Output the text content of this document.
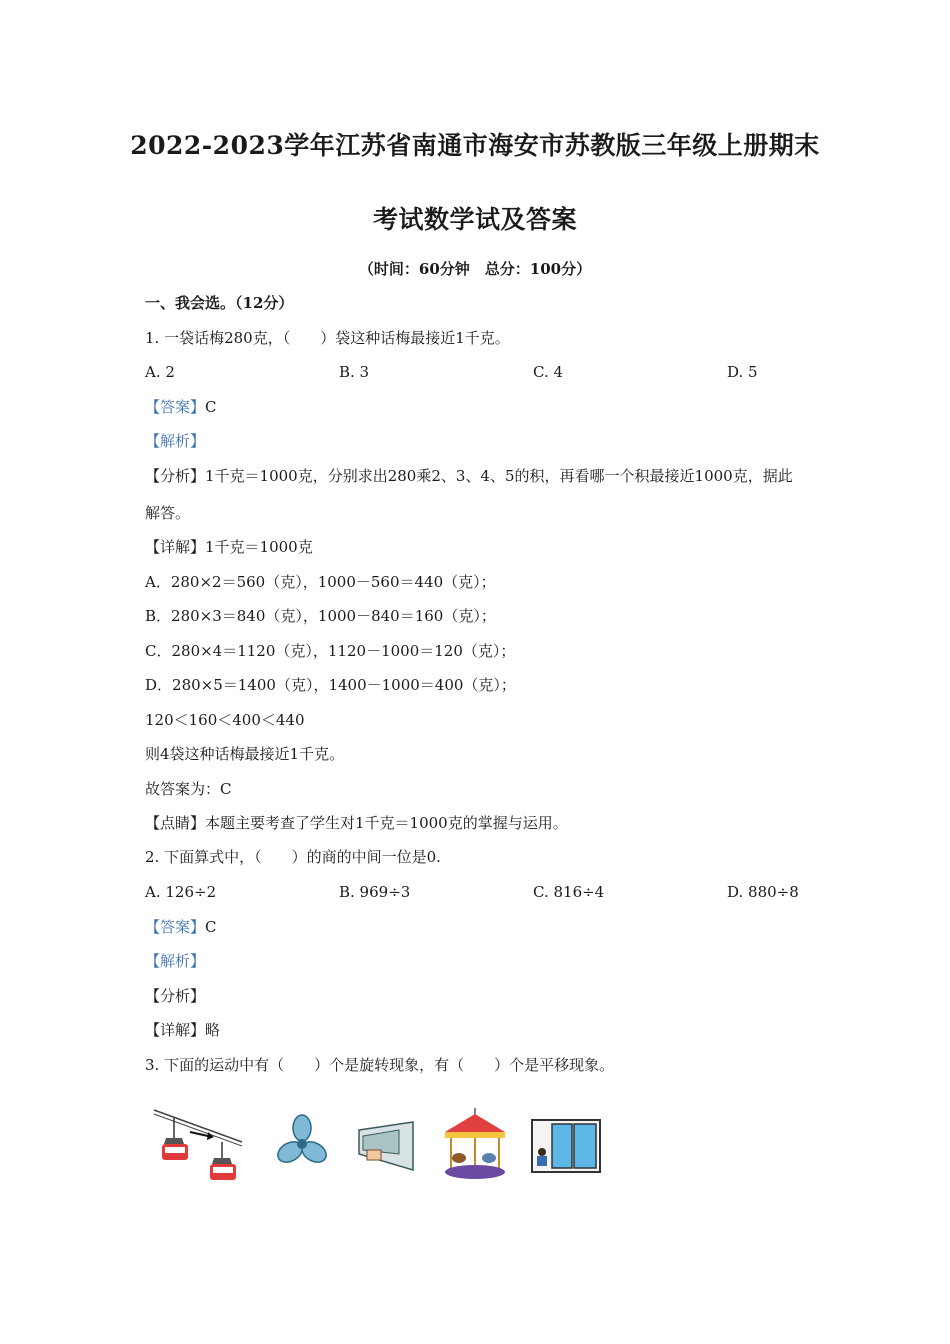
2022-2023学年江苏省南通市海安市苏教版三年级上册期末
考试数学试及答案
（时间：60分钟　总分：100分）
一、我会选。（12分）
1. 一袋话梅280克，（　　）袋这种话梅最接近1千克。
A. 2	B. 3	C. 4	D. 5
【答案】C
【解析】
【分析】1千克＝1000克，分别求出280乘2、3、4、5的积，再看哪一个积最接近1000克，据此
解答。
【详解】1千克＝1000克
A．280×2＝560（克），1000－560＝440（克）；
B．280×3＝840（克），1000－840＝160（克）；
C．280×4＝1120（克），1120－1000＝120（克）；
D．280×5＝1400（克），1400－1000＝400（克）；
120＜160＜400＜440
则4袋这种话梅最接近1千克。
故答案为：C
【点睛】本题主要考查了学生对1千克＝1000克的掌握与运用。
2. 下面算式中，（　　）的商的中间一位是0.
A. 126÷2	B. 969÷3	C. 816÷4	D. 880÷8
【答案】C
【解析】
【分析】
【详解】略
3. 下面的运动中有（　　）个是旋转现象，有（　　）个是平移现象。
